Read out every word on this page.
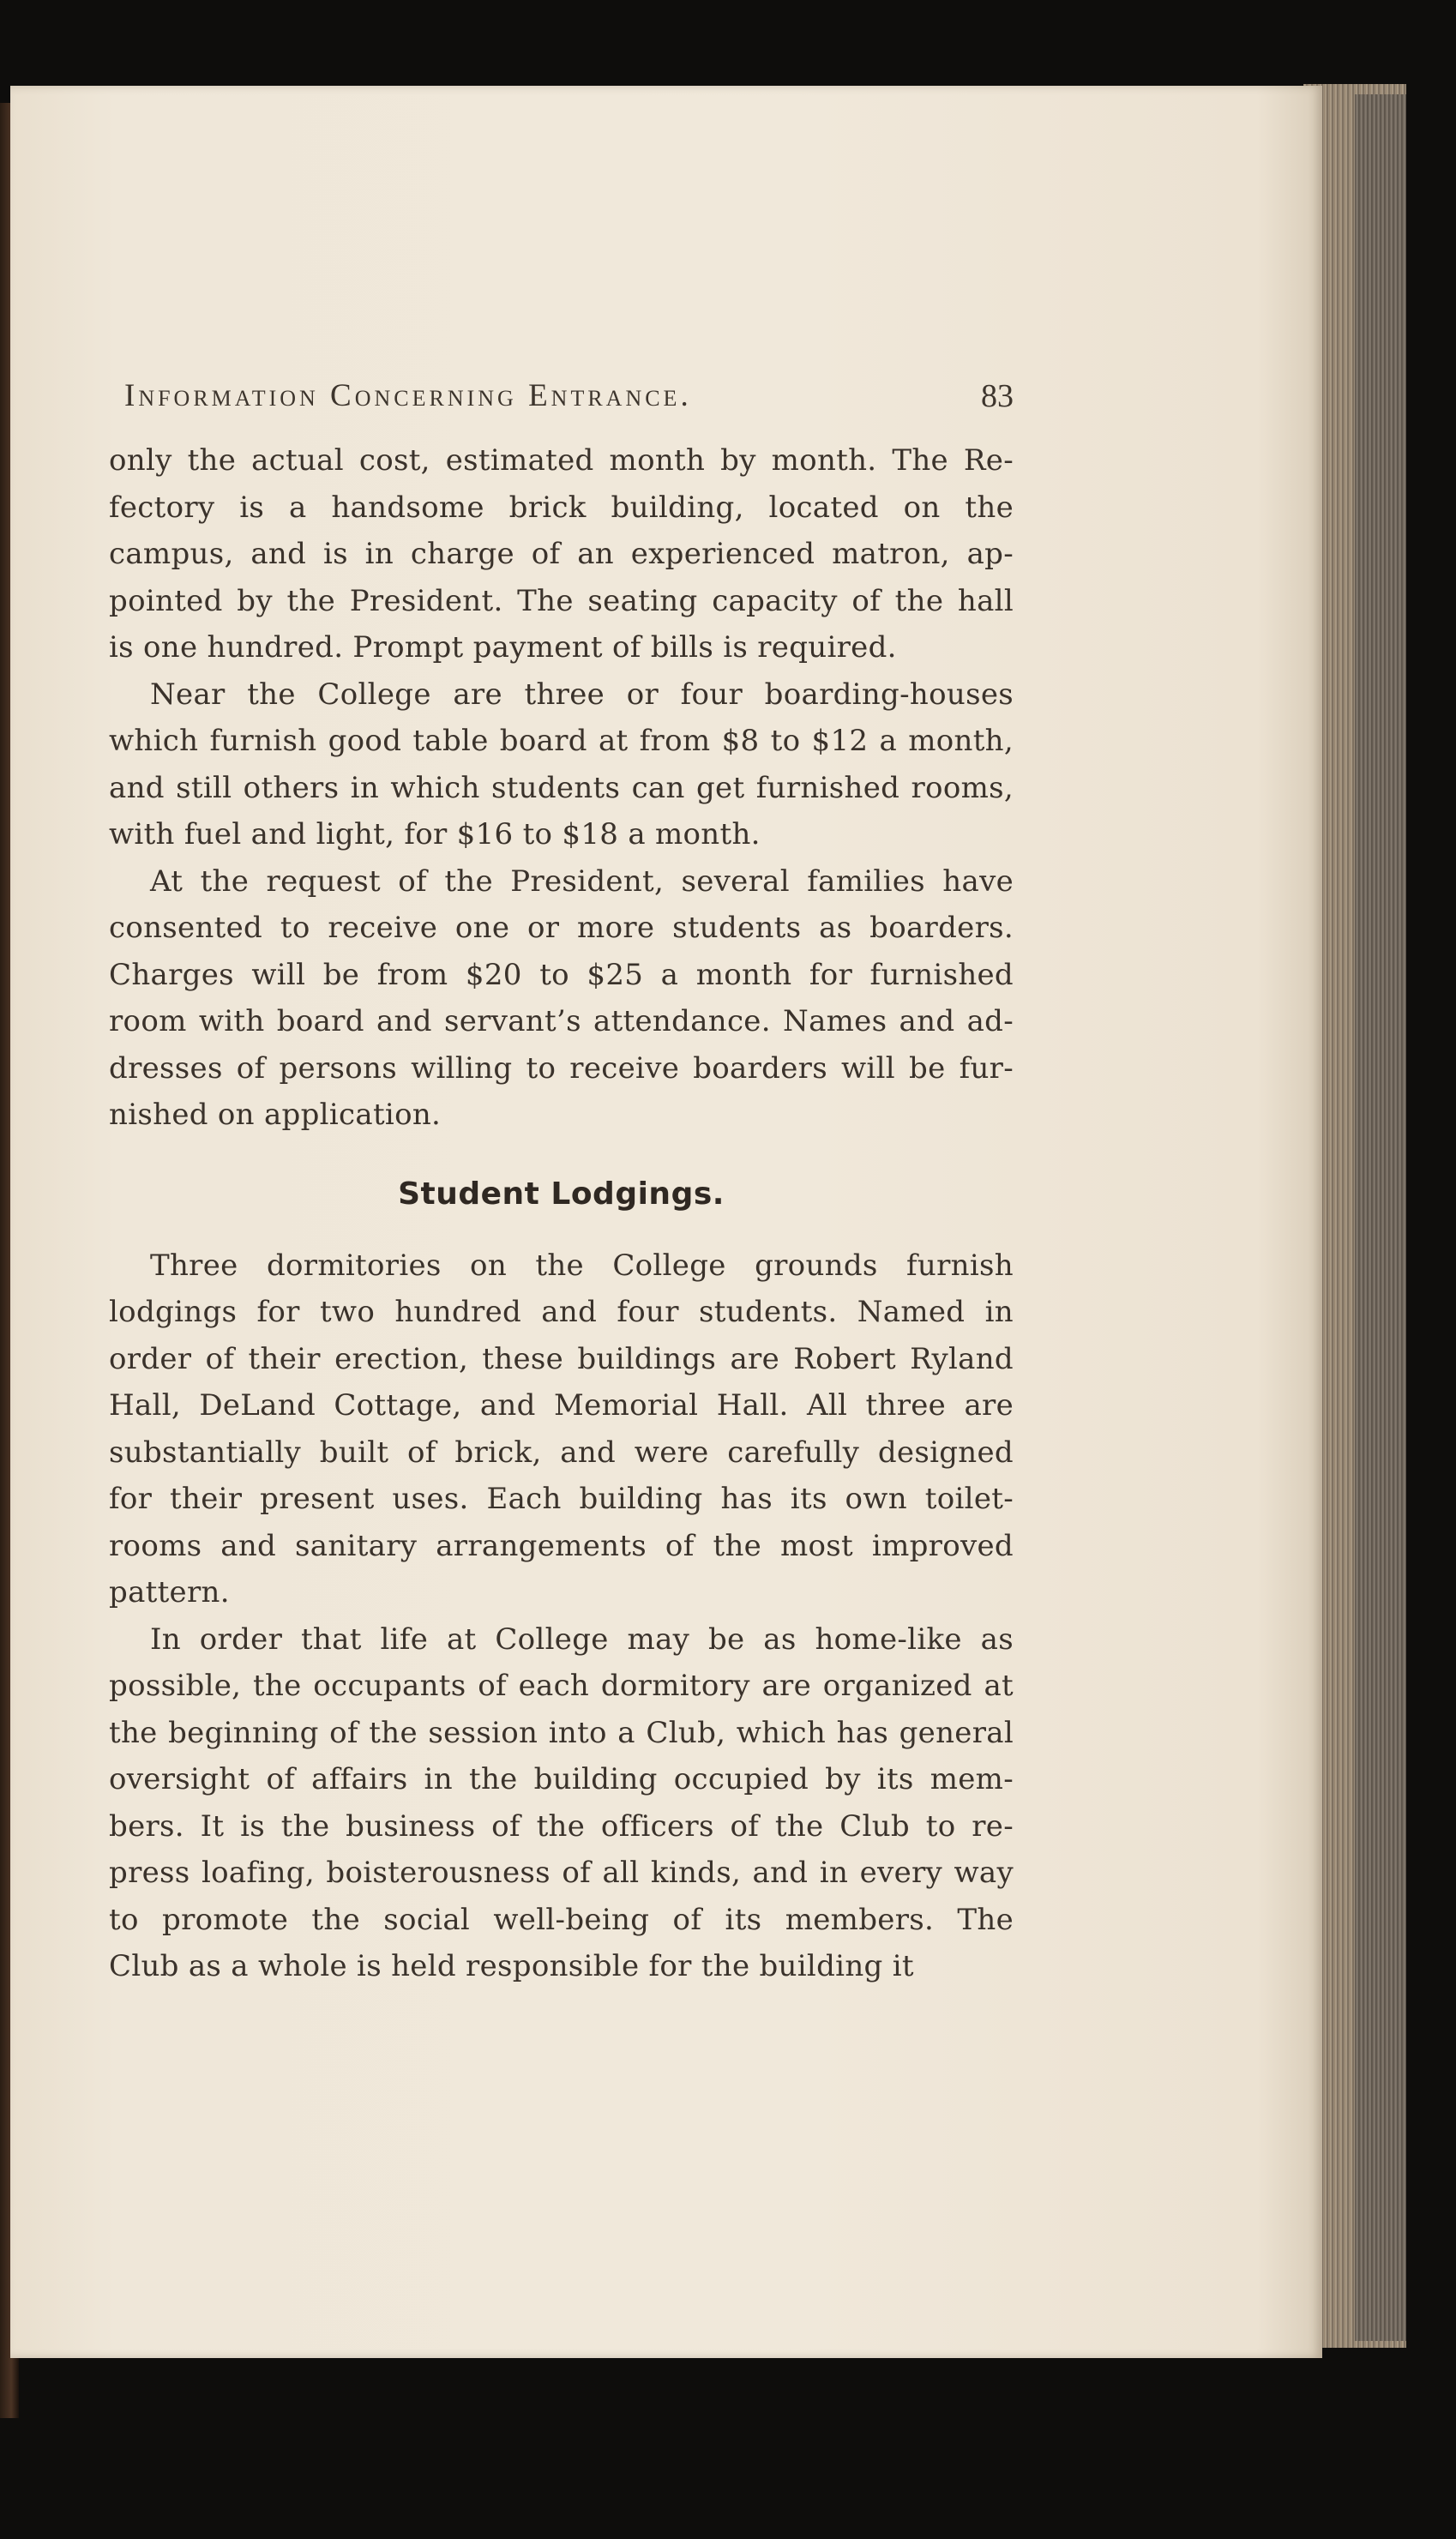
Information Concerning Entrance.	83

only the actual cost, estimated month by month. The Re-
fectory is a handsome brick building, located on the
campus, and is in charge of an experienced matron, ap-
pointed by the President. The seating capacity of the hall
is one hundred. Prompt payment of bills is required.

Near the College are three or four boarding-houses
which furnish good table board at from $8 to $12 a month,
and still others in which students can get furnished rooms,
with fuel and light, for $16 to $18 a month.

At the request of the President, several families have
consented to receive one or more students as boarders.
Charges will be from $20 to $25 a month for furnished
room with board and servant’s attendance. Names and ad-
dresses of persons willing to receive boarders will be fur-
nished on application.

Student Lodgings.

Three dormitories on the College grounds furnish
lodgings for two hundred and four students. Named in
order of their erection, these buildings are Robert Ryland
Hall, DeLand Cottage, and Memorial Hall. All three are
substantially built of brick, and were carefully designed
for their present uses. Each building has its own toilet-
rooms and sanitary arrangements of the most improved
pattern.

In order that life at College may be as home-like as
possible, the occupants of each dormitory are organized at
the beginning of the session into a Club, which has general
oversight of affairs in the building occupied by its mem-
bers. It is the business of the officers of the Club to re-
press loafing, boisterousness of all kinds, and in every way
to promote the social well-being of its members. The
Club as a whole is held responsible for the building it
